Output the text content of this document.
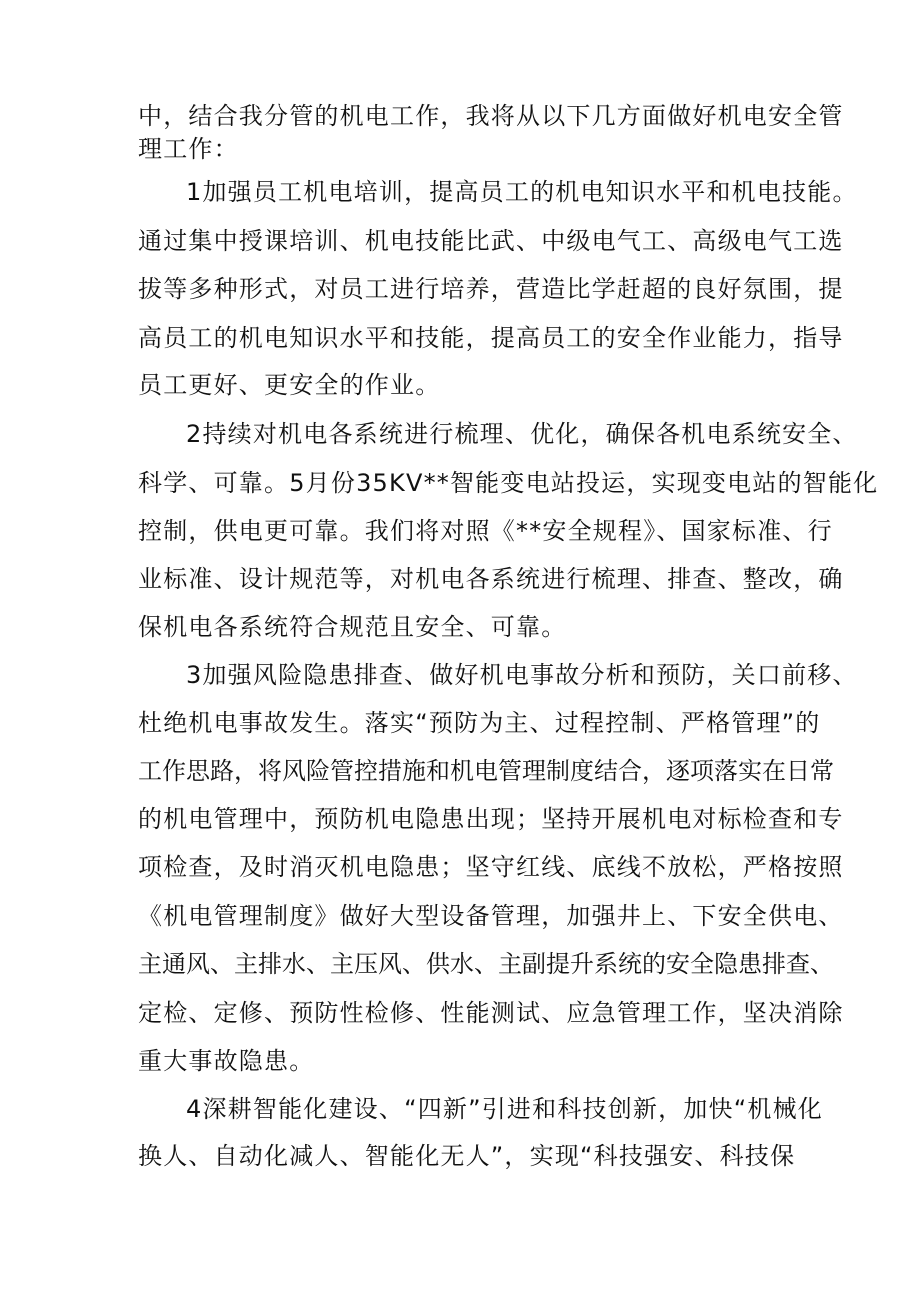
中，结合我分管的机电工作，我将从以下几方面做好机电安全管
理工作：
1加强员工机电培训，提高员工的机电知识水平和机电技能。
通过集中授课培训、机电技能比武、中级电气工、高级电气工选
拔等多种形式，对员工进行培养，营造比学赶超的良好氛围，提
高员工的机电知识水平和技能，提高员工的安全作业能力，指导
员工更好、更安全的作业。
2持续对机电各系统进行梳理、优化，确保各机电系统安全、
科学、可靠。5月份35KV**智能变电站投运，实现变电站的智能化
控制，供电更可靠。我们将对照《**安全规程》、国家标准、行
业标准、设计规范等，对机电各系统进行梳理、排查、整改，确
保机电各系统符合规范且安全、可靠。
3加强风险隐患排查、做好机电事故分析和预防，关口前移、
杜绝机电事故发生。落实“预防为主、过程控制、严格管理”的
工作思路，将风险管控措施和机电管理制度结合，逐项落实在日常
的机电管理中，预防机电隐患出现；坚持开展机电对标检查和专
项检查，及时消灭机电隐患；坚守红线、底线不放松，严格按照
《机电管理制度》做好大型设备管理，加强井上、下安全供电、
主通风、主排水、主压风、供水、主副提升系统的安全隐患排查、
定检、定修、预防性检修、性能测试、应急管理工作，坚决消除
重大事故隐患。
4深耕智能化建设、“四新”引进和科技创新，加快“机械化
换人、自动化减人、智能化无人”，实现“科技强安、科技保
